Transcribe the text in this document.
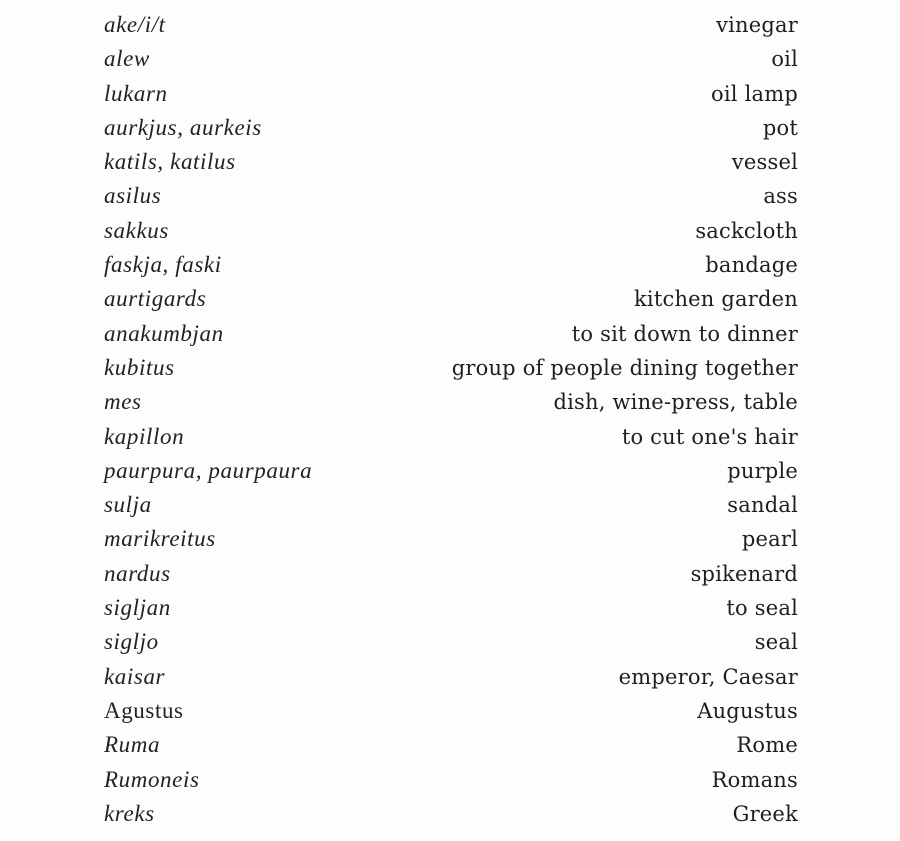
ake/i/t	vinegar
alew	oil
lukarn	oil lamp
aurkjus, aurkeis	pot
katils, katilus	vessel
asilus	ass
sakkus	sackcloth
faskja, faski	bandage
aurtigards	kitchen garden
anakumbjan	to sit down to dinner
kubitus	group of people dining together
mes	dish, wine-press, table
kapillon	to cut one's hair
paurpura, paurpaura	purple
sulja	sandal
marikreitus	pearl
nardus	spikenard
sigljan	to seal
sigljo	seal
kaisar	emperor, Caesar
Agustus	Augustus
Ruma	Rome
Rumoneis	Romans
kreks	Greek
